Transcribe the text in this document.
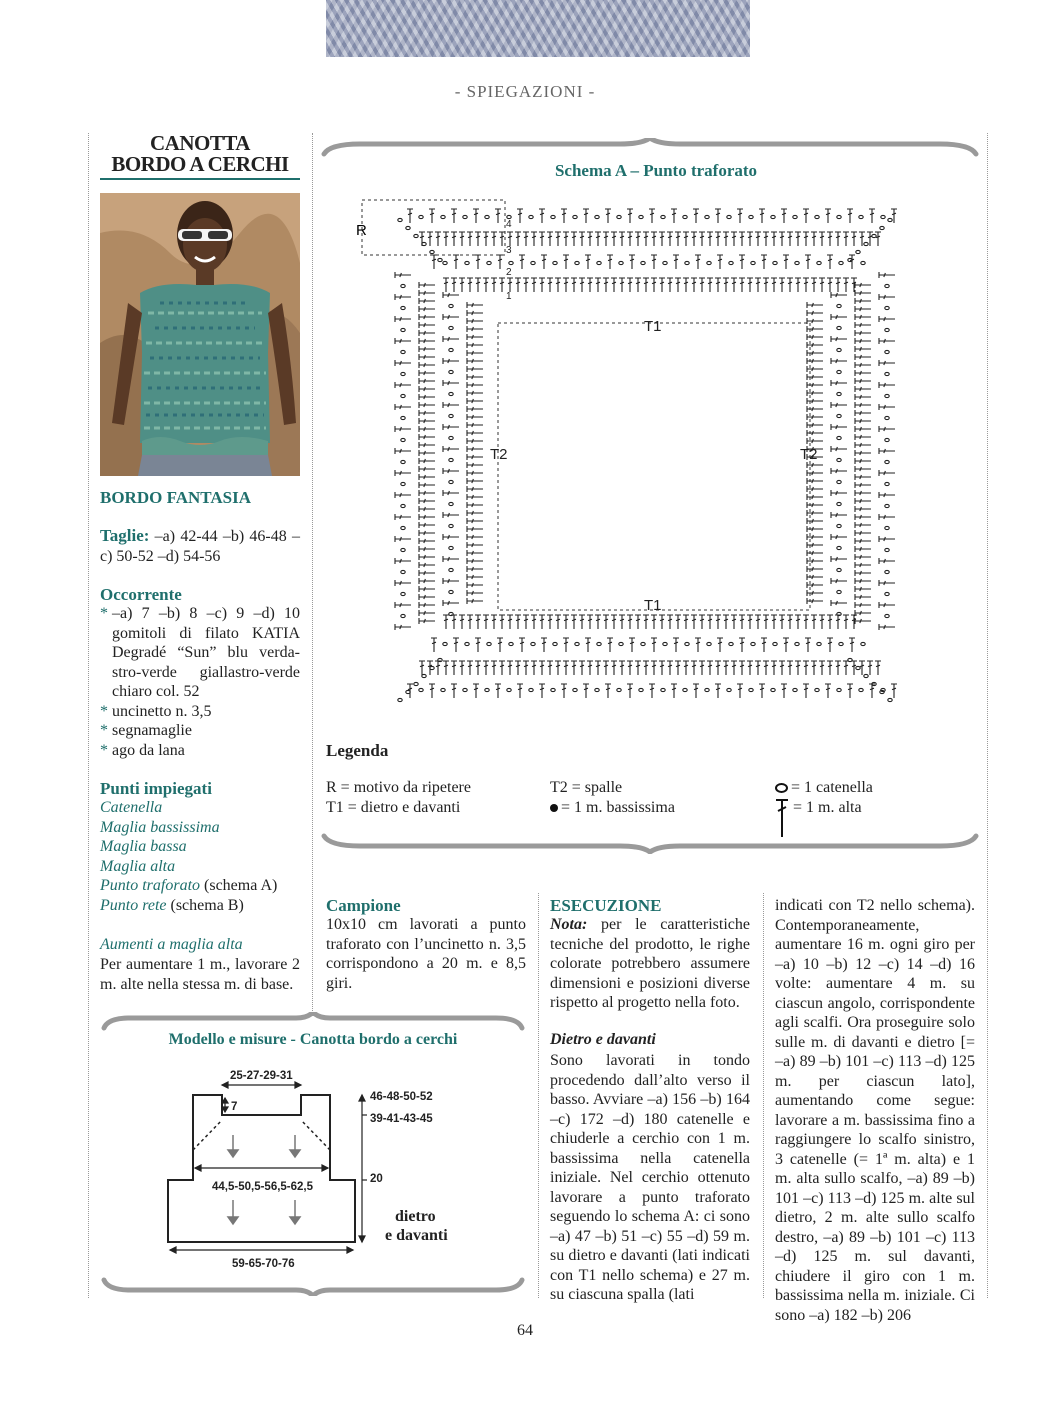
- SPIEGAZIONI -
CANOTTA
BORDO A CERCHI
BORDO FANTASIA
Taglie: –a) 42-44 –b) 46-48 –c) 50-52 –d) 54-56
Occorrente
* –a) 7 –b) 8 –c) 9 –d) 10 gomitoli di filato KATIA Degradé “Sun” blu verda-stro-verde giallastro-verde chiaro col. 52
* uncinetto n. 3,5
* segnamaglie
* ago da lana
Punti impiegati
Catenella
Maglia bassissima
Maglia bassa
Maglia alta
Punto traforato (schema A)
Punto rete (schema B)
Aumenti a maglia alta
Per aumentare 1 m., lavorare 2 m. alte nella stessa m. di base.
Schema A – Punto traforato
R
T1
T1
T2	T2
4
3
2
1
Legenda
R = motivo da ripetere
T1 = dietro e davanti
T2 = spalle
= 1 m. bassissima
= 1 catenella
= 1 m. alta
Campione
10x10 cm lavorati a punto traforato con l’uncinetto n. 3,5 corrispondono a 20 m. e 8,5 giri.
ESECUZIONE
Nota: per le caratteristiche tecniche del prodotto, le righe colorate potrebbero assumere dimensioni e posizioni diverse rispetto al progetto nella foto.
Dietro e davanti
Sono lavorati in tondo procedendo dall’alto verso il basso. Avviare –a) 156 –b) 164 –c) 172 –d) 180 catenelle e chiuderle a cerchio con 1 m. bassissima nella catenella iniziale. Nel cerchio ottenuto lavorare a punto traforato seguendo lo schema A: ci sono –a) 47 –b) 51 –c) 55 –d) 59 m. su dietro e davanti (lati indicati con T1 nello schema) e 27 m. su ciascuna spalla (lati
indicati con T2 nello schema). Contemporaneamente, aumentare 16 m. ogni giro per –a) 10 –b) 12 –c) 14 –d) 16 volte: aumentare 4 m. su ciascun angolo, corrispondente agli scalfi. Ora proseguire solo sulle m. di davanti e dietro [= –a) 89 –b) 101 –c) 113 –d) 125 m. per ciascun lato], aumentando come segue: lavorare a m. bassissima fino a raggiungere lo scalfo sinistro, 3 catenelle (= 1ª m. alta) e 1 m. alta sullo scalfo, –a) 89 –b) 101 –c) 113 –d) 125 m. alte sul dietro, 2 m. alte sullo scalfo destro, –a) 89 –b) 101 –c) 113 –d) 125 m. sul davanti, chiudere il giro con 1 m. bassissima nella m. iniziale. Ci sono –a) 182 –b) 206
Modello e misure - Canotta bordo a cerchi
25-27-29-31
7
46-48-50-52
39-41-43-45
20
44,5-50,5-56,5-62,5
59-65-70-76
dietro
e davanti
64
